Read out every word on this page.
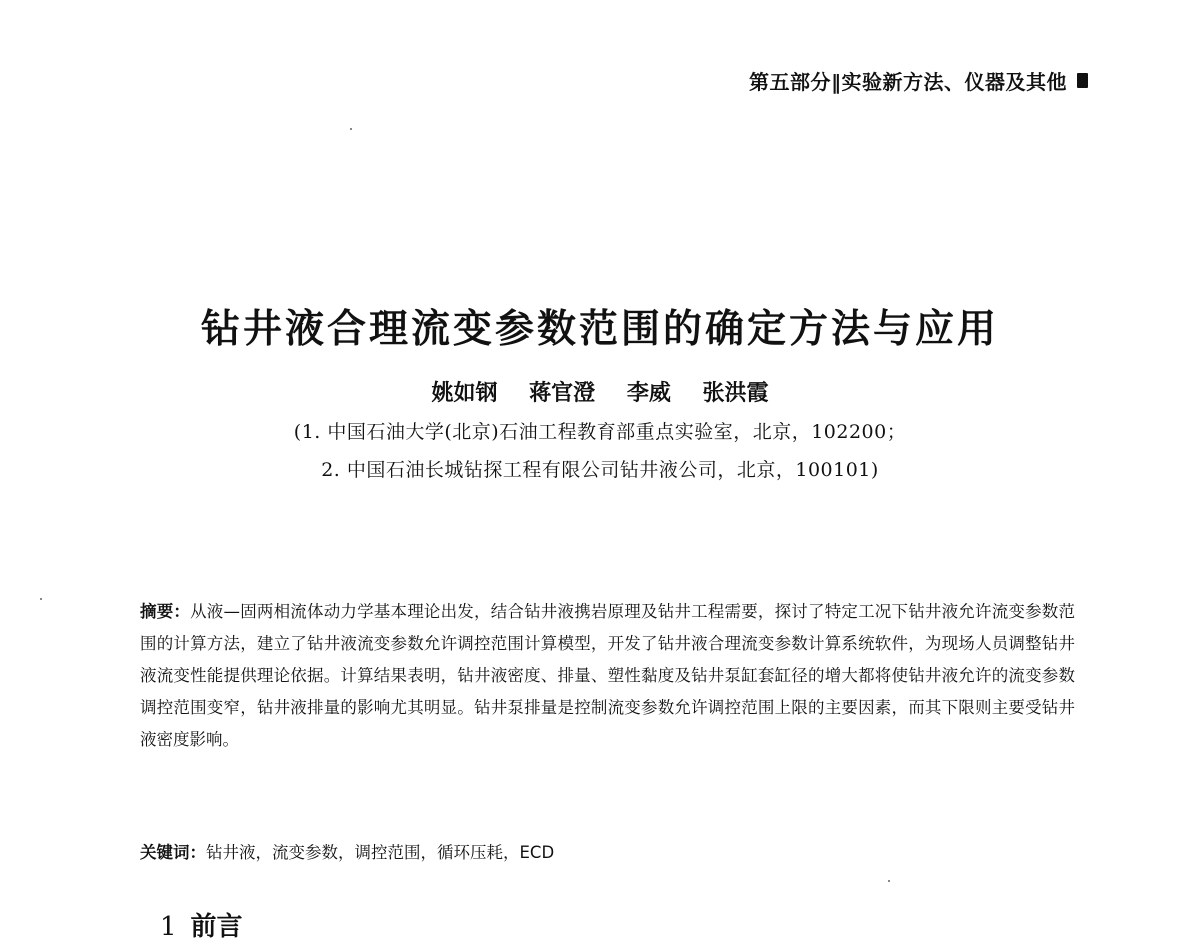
第五部分‖实验新方法、仪器及其他
钻井液合理流变参数范围的确定方法与应用
姚如钢 蒋官澄 李威 张洪霞
(1. 中国石油大学(北京)石油工程教育部重点实验室，北京，102200；
2. 中国石油长城钻探工程有限公司钻井液公司，北京，100101)

摘要：从液—固两相流体动力学基本理论出发，结合钻井液携岩原理及钻井工程需要，探讨了特定工况下钻井液允许流变参数范围的计算方法，建立了钻井液流变参数允许调控范围计算模型，开发了钻井液合理流变参数计算系统软件，为现场人员调整钻井液流变性能提供理论依据。计算结果表明，钻井液密度、排量、塑性黏度及钻井泵缸套缸径的增大都将使钻井液允许的流变参数调控范围变窄，钻井液排量的影响尤其明显。钻井泵排量是控制流变参数允许调控范围上限的主要因素，而其下限则主要受钻井液密度影响。

关键词：钻井液，流变参数，调控范围，循环压耗，ECD
1 前言
